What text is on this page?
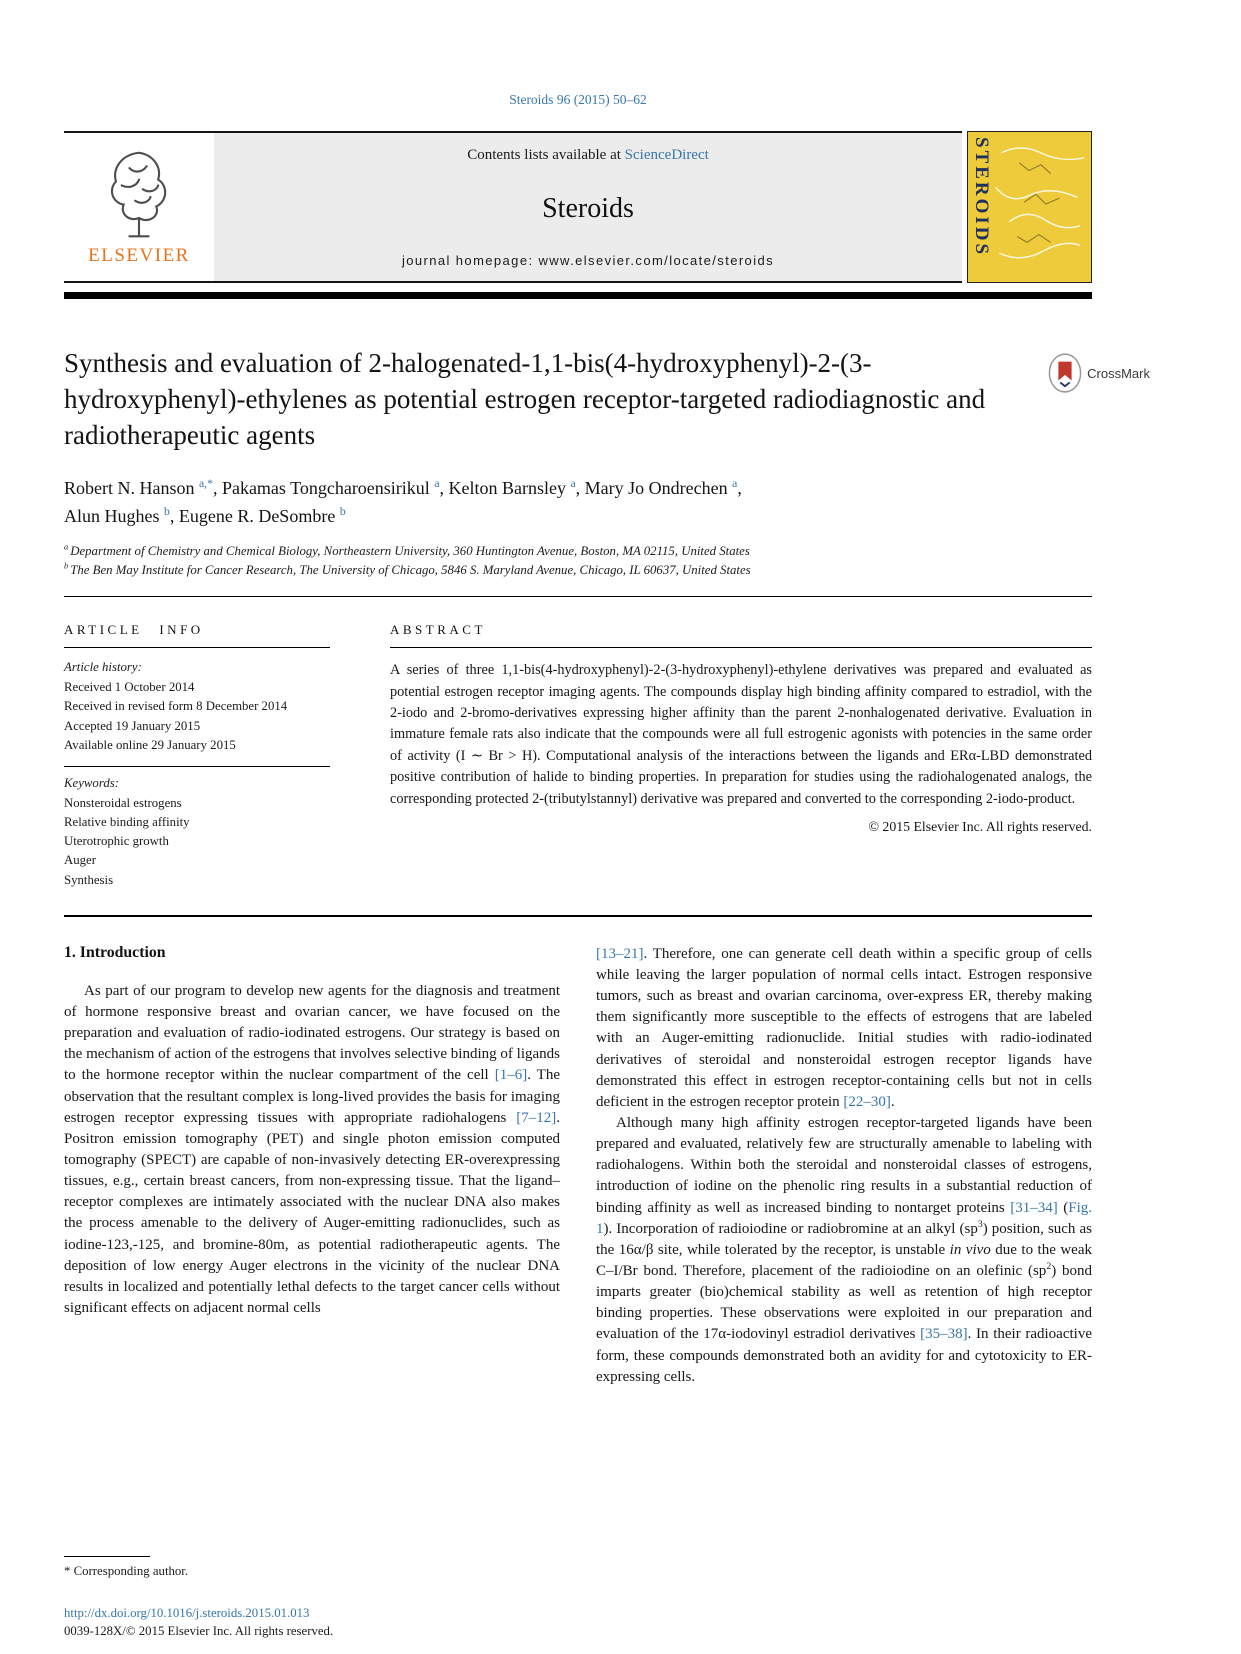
Steroids 96 (2015) 50–62
ELSEVIER
Contents lists available at ScienceDirect
Steroids
journal homepage: www.elsevier.com/locate/steroids
STEROIDS
Synthesis and evaluation of 2-halogenated-1,1-bis(4-hydroxyphenyl)-2-(3-hydroxyphenyl)-ethylenes as potential estrogen receptor-targeted radiodiagnostic and radiotherapeutic agents
CrossMark
Robert N. Hanson $^{a,*}$, Pakamas Tongcharoensirikul $^a$, Kelton Barnsley $^a$, Mary Jo Ondrechen $^a$,
Alun Hughes $^b$, Eugene R. DeSombre $^b$
$^a$ Department of Chemistry and Chemical Biology, Northeastern University, 360 Huntington Avenue, Boston, MA 02115, United States
$^b$ The Ben May Institute for Cancer Research, The University of Chicago, 5846 S. Maryland Avenue, Chicago, IL 60637, United States
ARTICLE INFO
Article history:
Received 1 October 2014
Received in revised form 8 December 2014
Accepted 19 January 2015
Available online 29 January 2015
Keywords:
Nonsteroidal estrogens
Relative binding affinity
Uterotrophic growth
Auger
Synthesis
ABSTRACT

A series of three 1,1-bis(4-hydroxyphenyl)-2-(3-hydroxyphenyl)-ethylene derivatives was prepared and evaluated as potential estrogen receptor imaging agents. The compounds display high binding affinity compared to estradiol, with the 2-iodo and 2-bromo-derivatives expressing higher affinity than the parent 2-nonhalogenated derivative. Evaluation in immature female rats also indicate that the compounds were all full estrogenic agonists with potencies in the same order of activity (I ∼ Br > H). Computational analysis of the interactions between the ligands and ERα-LBD demonstrated positive contribution of halide to binding properties. In preparation for studies using the radiohalogenated analogs, the corresponding protected 2-(tributylstannyl) derivative was prepared and converted to the corresponding 2-iodo-product.

© 2015 Elsevier Inc. All rights reserved.
1. Introduction

As part of our program to develop new agents for the diagnosis and treatment of hormone responsive breast and ovarian cancer, we have focused on the preparation and evaluation of radio-iodinated estrogens. Our strategy is based on the mechanism of action of the estrogens that involves selective binding of ligands to the hormone receptor within the nuclear compartment of the cell [1–6]. The observation that the resultant complex is long-lived provides the basis for imaging estrogen receptor expressing tissues with appropriate radiohalogens [7–12]. Positron emission tomography (PET) and single photon emission computed tomography (SPECT) are capable of non-invasively detecting ER-overexpressing tissues, e.g., certain breast cancers, from non-expressing tissue. That the ligand–receptor complexes are intimately associated with the nuclear DNA also makes the process amenable to the delivery of Auger-emitting radionuclides, such as iodine-123,-125, and bromine-80m, as potential radiotherapeutic agents. The deposition of low energy Auger electrons in the vicinity of the nuclear DNA results in localized and potentially lethal defects to the target cancer cells without significant effects on adjacent normal cells

* Corresponding author.
http://dx.doi.org/10.1016/j.steroids.2015.01.013
0039-128X/© 2015 Elsevier Inc. All rights reserved.

[13–21]. Therefore, one can generate cell death within a specific group of cells while leaving the larger population of normal cells intact. Estrogen responsive tumors, such as breast and ovarian carcinoma, over-express ER, thereby making them significantly more susceptible to the effects of estrogens that are labeled with an Auger-emitting radionuclide. Initial studies with radio-iodinated derivatives of steroidal and nonsteroidal estrogen receptor ligands have demonstrated this effect in estrogen receptor-containing cells but not in cells deficient in the estrogen receptor protein [22–30].

Although many high affinity estrogen receptor-targeted ligands have been prepared and evaluated, relatively few are structurally amenable to labeling with radiohalogens. Within both the steroidal and nonsteroidal classes of estrogens, introduction of iodine on the phenolic ring results in a substantial reduction of binding affinity as well as increased binding to nontarget proteins [31–34] (Fig. 1). Incorporation of radioiodine or radiobromine at an alkyl $(sp^3)$ position, such as the 16α/β site, while tolerated by the receptor, is unstable in vivo due to the weak C–I/Br bond. Therefore, placement of the radioiodine on an olefinic $(sp^2)$ bond imparts greater (bio)chemical stability as well as retention of high receptor binding properties. These observations were exploited in our preparation and evaluation of the 17α-iodovinyl estradiol derivatives [35–38]. In their radioactive form, these compounds demonstrated both an avidity for and cytotoxicity to ER-expressing cells.
